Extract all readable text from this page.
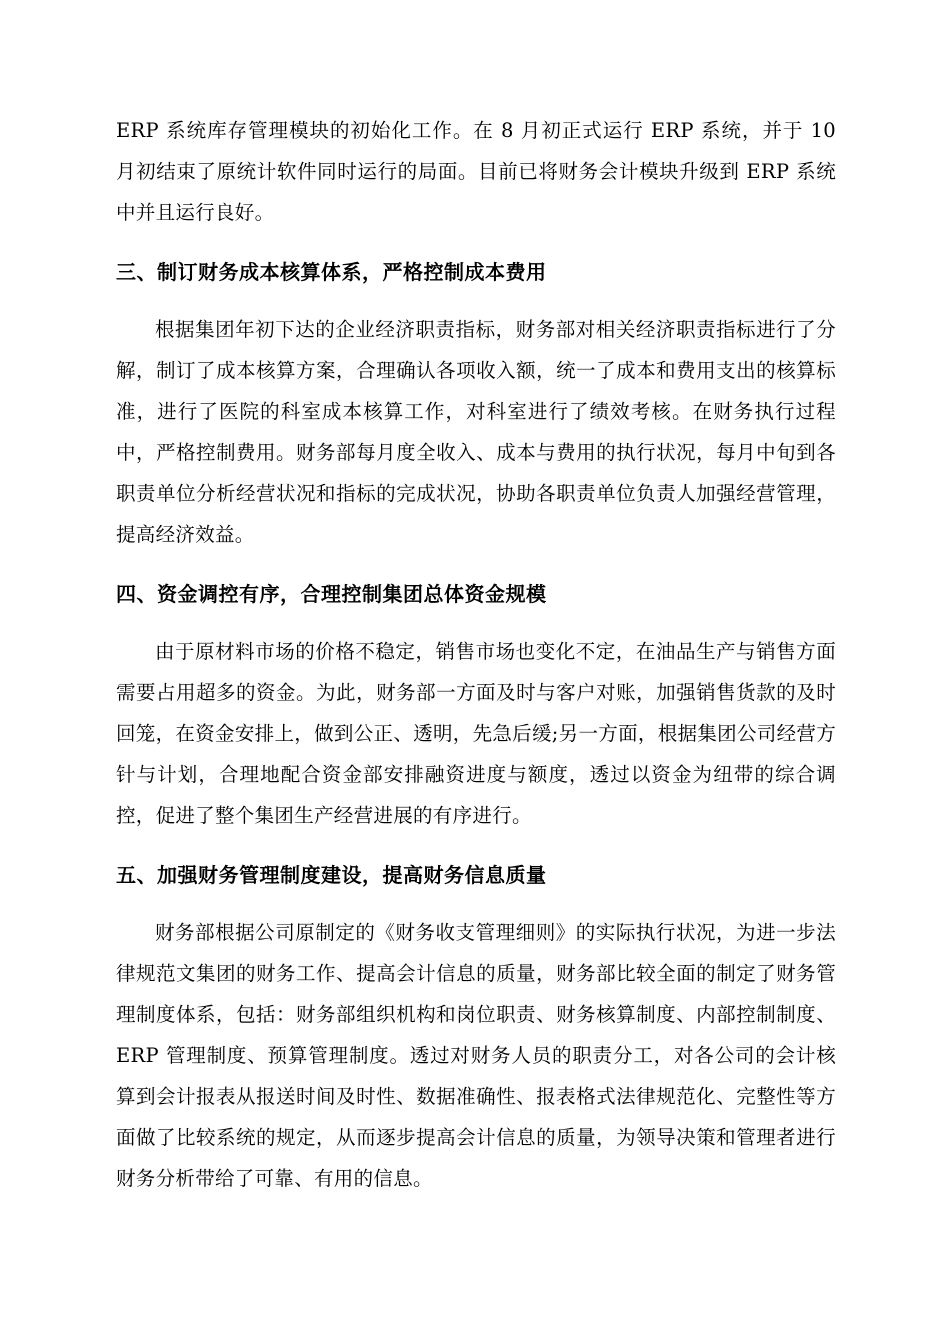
ERP 系统库存管理模块的初始化工作。在 8 月初正式运行 ERP 系统，并于 10 月初结束了原统计软件同时运行的局面。目前已将财务会计模块升级到 ERP 系统中并且运行良好。

三、制订财务成本核算体系，严格控制成本费用

根据集团年初下达的企业经济职责指标，财务部对相关经济职责指标进行了分解，制订了成本核算方案，合理确认各项收入额，统一了成本和费用支出的核算标准，进行了医院的科室成本核算工作，对科室进行了绩效考核。在财务执行过程中，严格控制费用。财务部每月度全收入、成本与费用的执行状况，每月中旬到各职责单位分析经营状况和指标的完成状况，协助各职责单位负责人加强经营管理，提高经济效益。

四、资金调控有序，合理控制集团总体资金规模

由于原材料市场的价格不稳定，销售市场也变化不定，在油品生产与销售方面需要占用超多的资金。为此，财务部一方面及时与客户对账，加强销售货款的及时回笼，在资金安排上，做到公正、透明，先急后缓;另一方面，根据集团公司经营方针与计划，合理地配合资金部安排融资进度与额度，透过以资金为纽带的综合调控，促进了整个集团生产经营进展的有序进行。

五、加强财务管理制度建设，提高财务信息质量

财务部根据公司原制定的《财务收支管理细则》的实际执行状况，为进一步法律规范文集团的财务工作、提高会计信息的质量，财务部比较全面的制定了财务管理制度体系，包括：财务部组织机构和岗位职责、财务核算制度、内部控制制度、ERP 管理制度、预算管理制度。透过对财务人员的职责分工，对各公司的会计核算到会计报表从报送时间及时性、数据准确性、报表格式法律规范化、完整性等方面做了比较系统的规定，从而逐步提高会计信息的质量，为领导决策和管理者进行财务分析带给了可靠、有用的信息。
